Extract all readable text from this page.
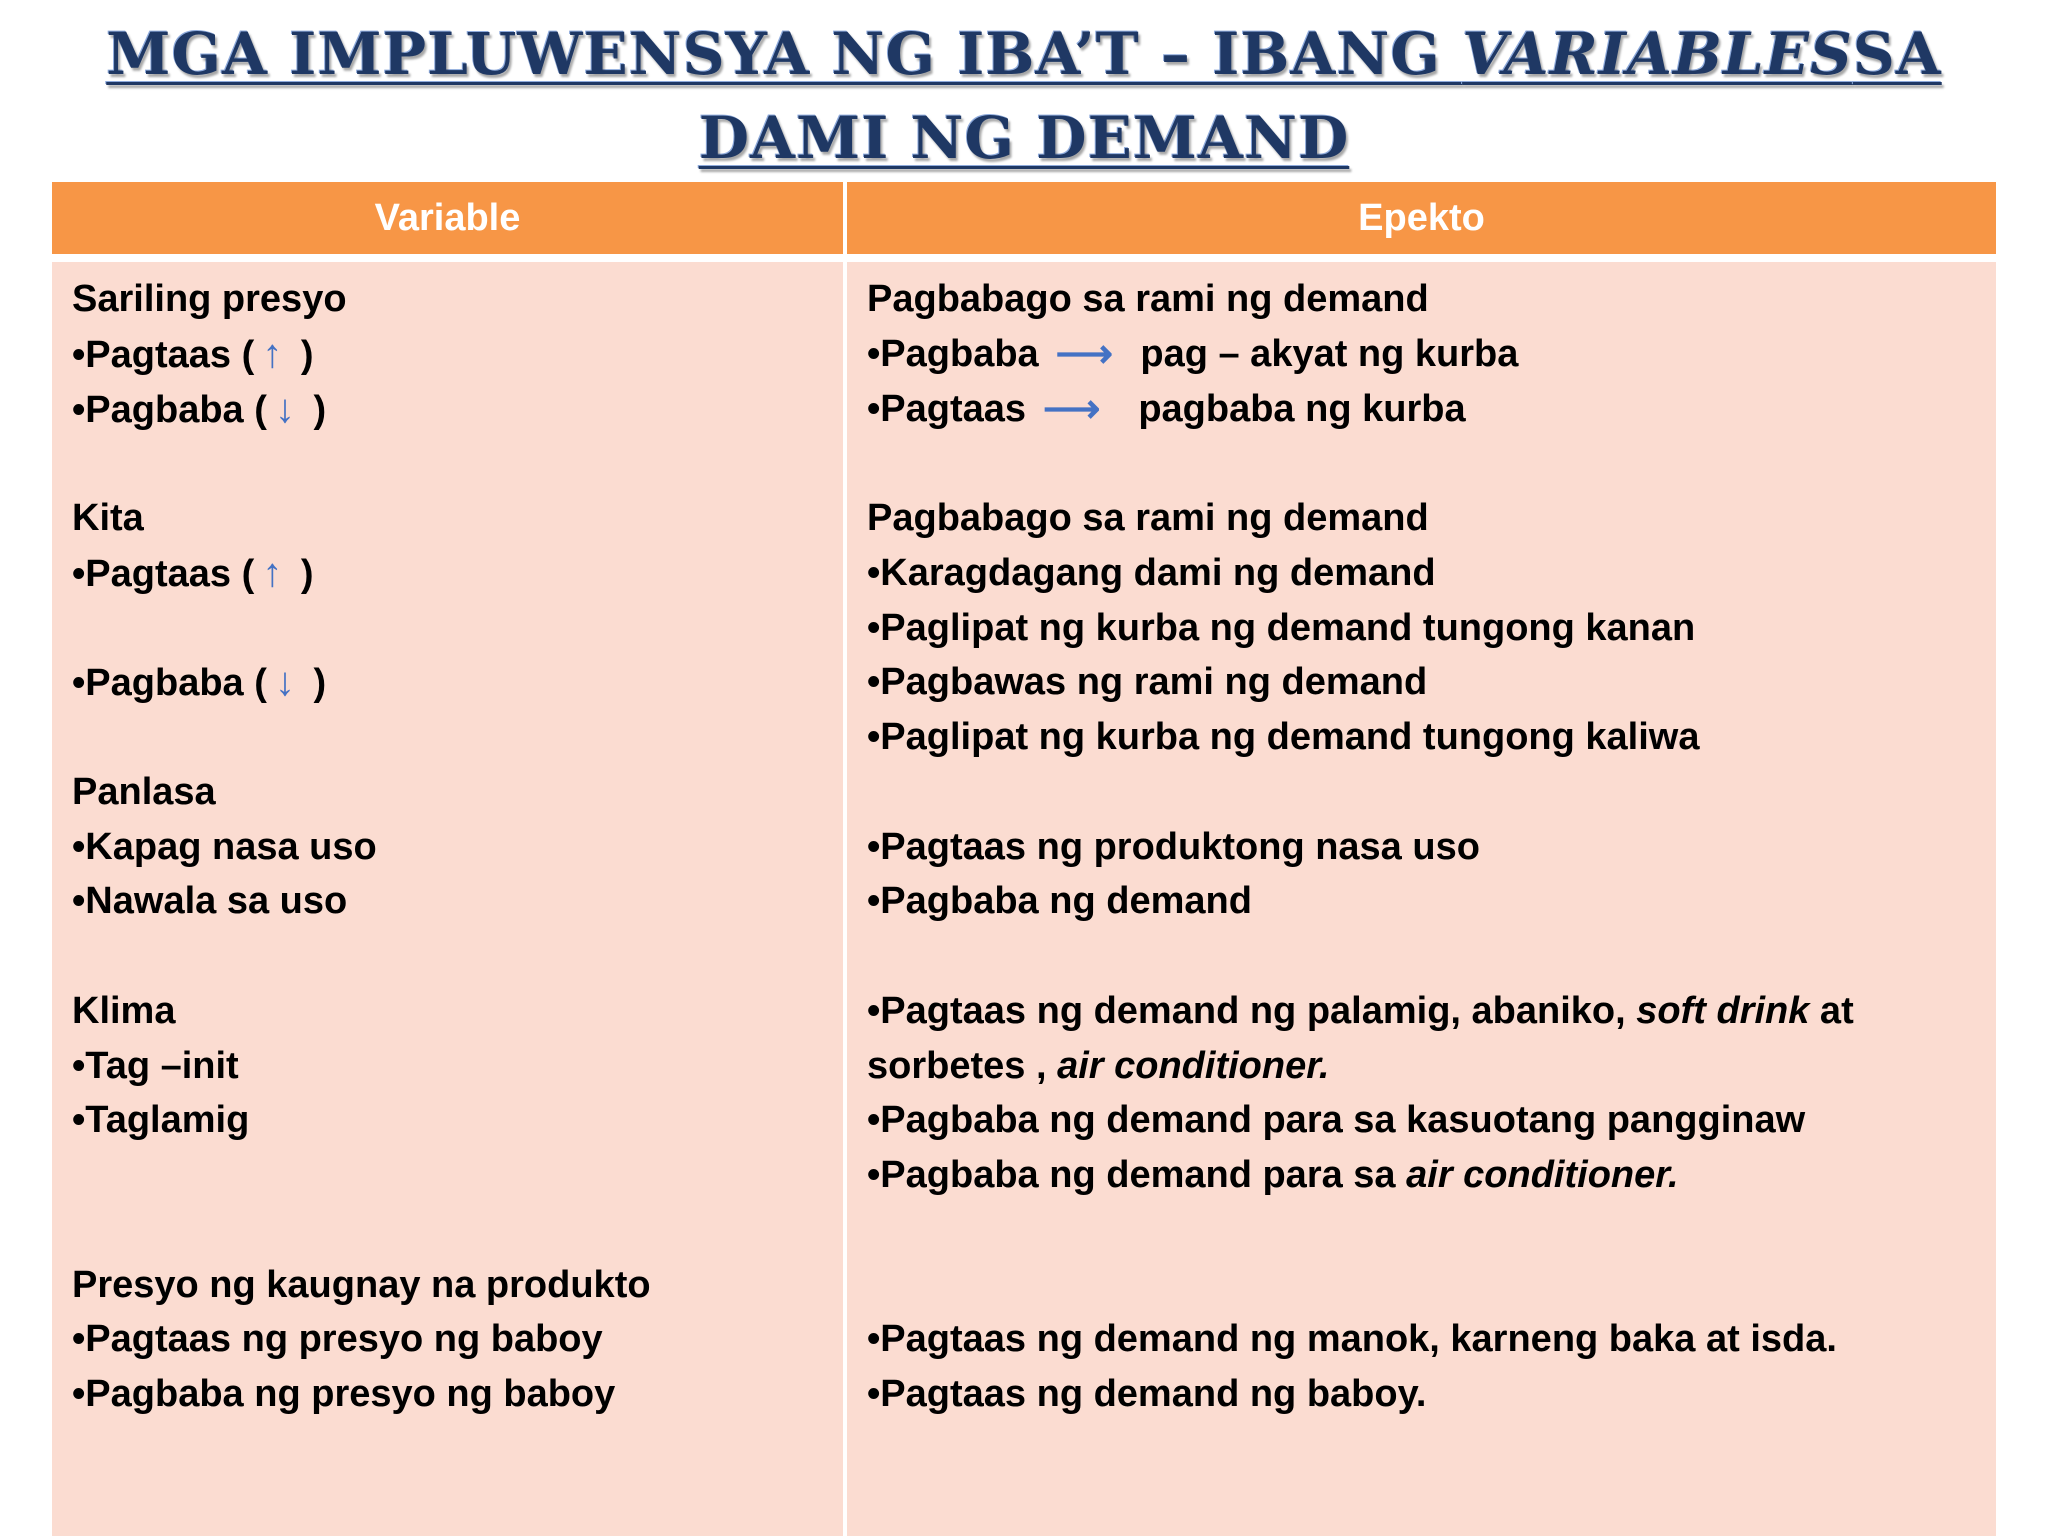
MGA IMPLUWENSYA NG IBA’T – IBANG VARIABLESSA
DAMI NG DEMAND
Variable	Epekto
Sariling presyo
•Pagtaas ( ↑ )
•Pagbaba ( ↓ )
Kita
•Pagtaas ( ↑ )
•Pagbaba ( ↓ )
Panlasa
•Kapag nasa uso
•Nawala sa uso
Klima
•Tag –init
•Taglamig
Presyo ng kaugnay na produkto
•Pagtaas ng presyo ng baboy
•Pagbaba ng presyo ng baboy
Pagbabago sa rami ng demand
•Pagbaba ⟶ pag – akyat ng kurba
•Pagtaas ⟶ pagbaba ng kurba
Pagbabago sa rami ng demand
•Karagdagang dami ng demand
•Paglipat ng kurba ng demand tungong kanan
•Pagbawas ng rami ng demand
•Paglipat ng kurba ng demand tungong kaliwa
•Pagtaas ng produktong nasa uso
•Pagbaba ng demand
•Pagtaas ng demand ng palamig, abaniko, soft drink at
sorbetes , air conditioner.
•Pagbaba ng demand para sa kasuotang pangginaw
•Pagbaba ng demand para sa air conditioner.
•Pagtaas ng demand ng manok, karneng baka at isda.
•Pagtaas ng demand ng baboy.
